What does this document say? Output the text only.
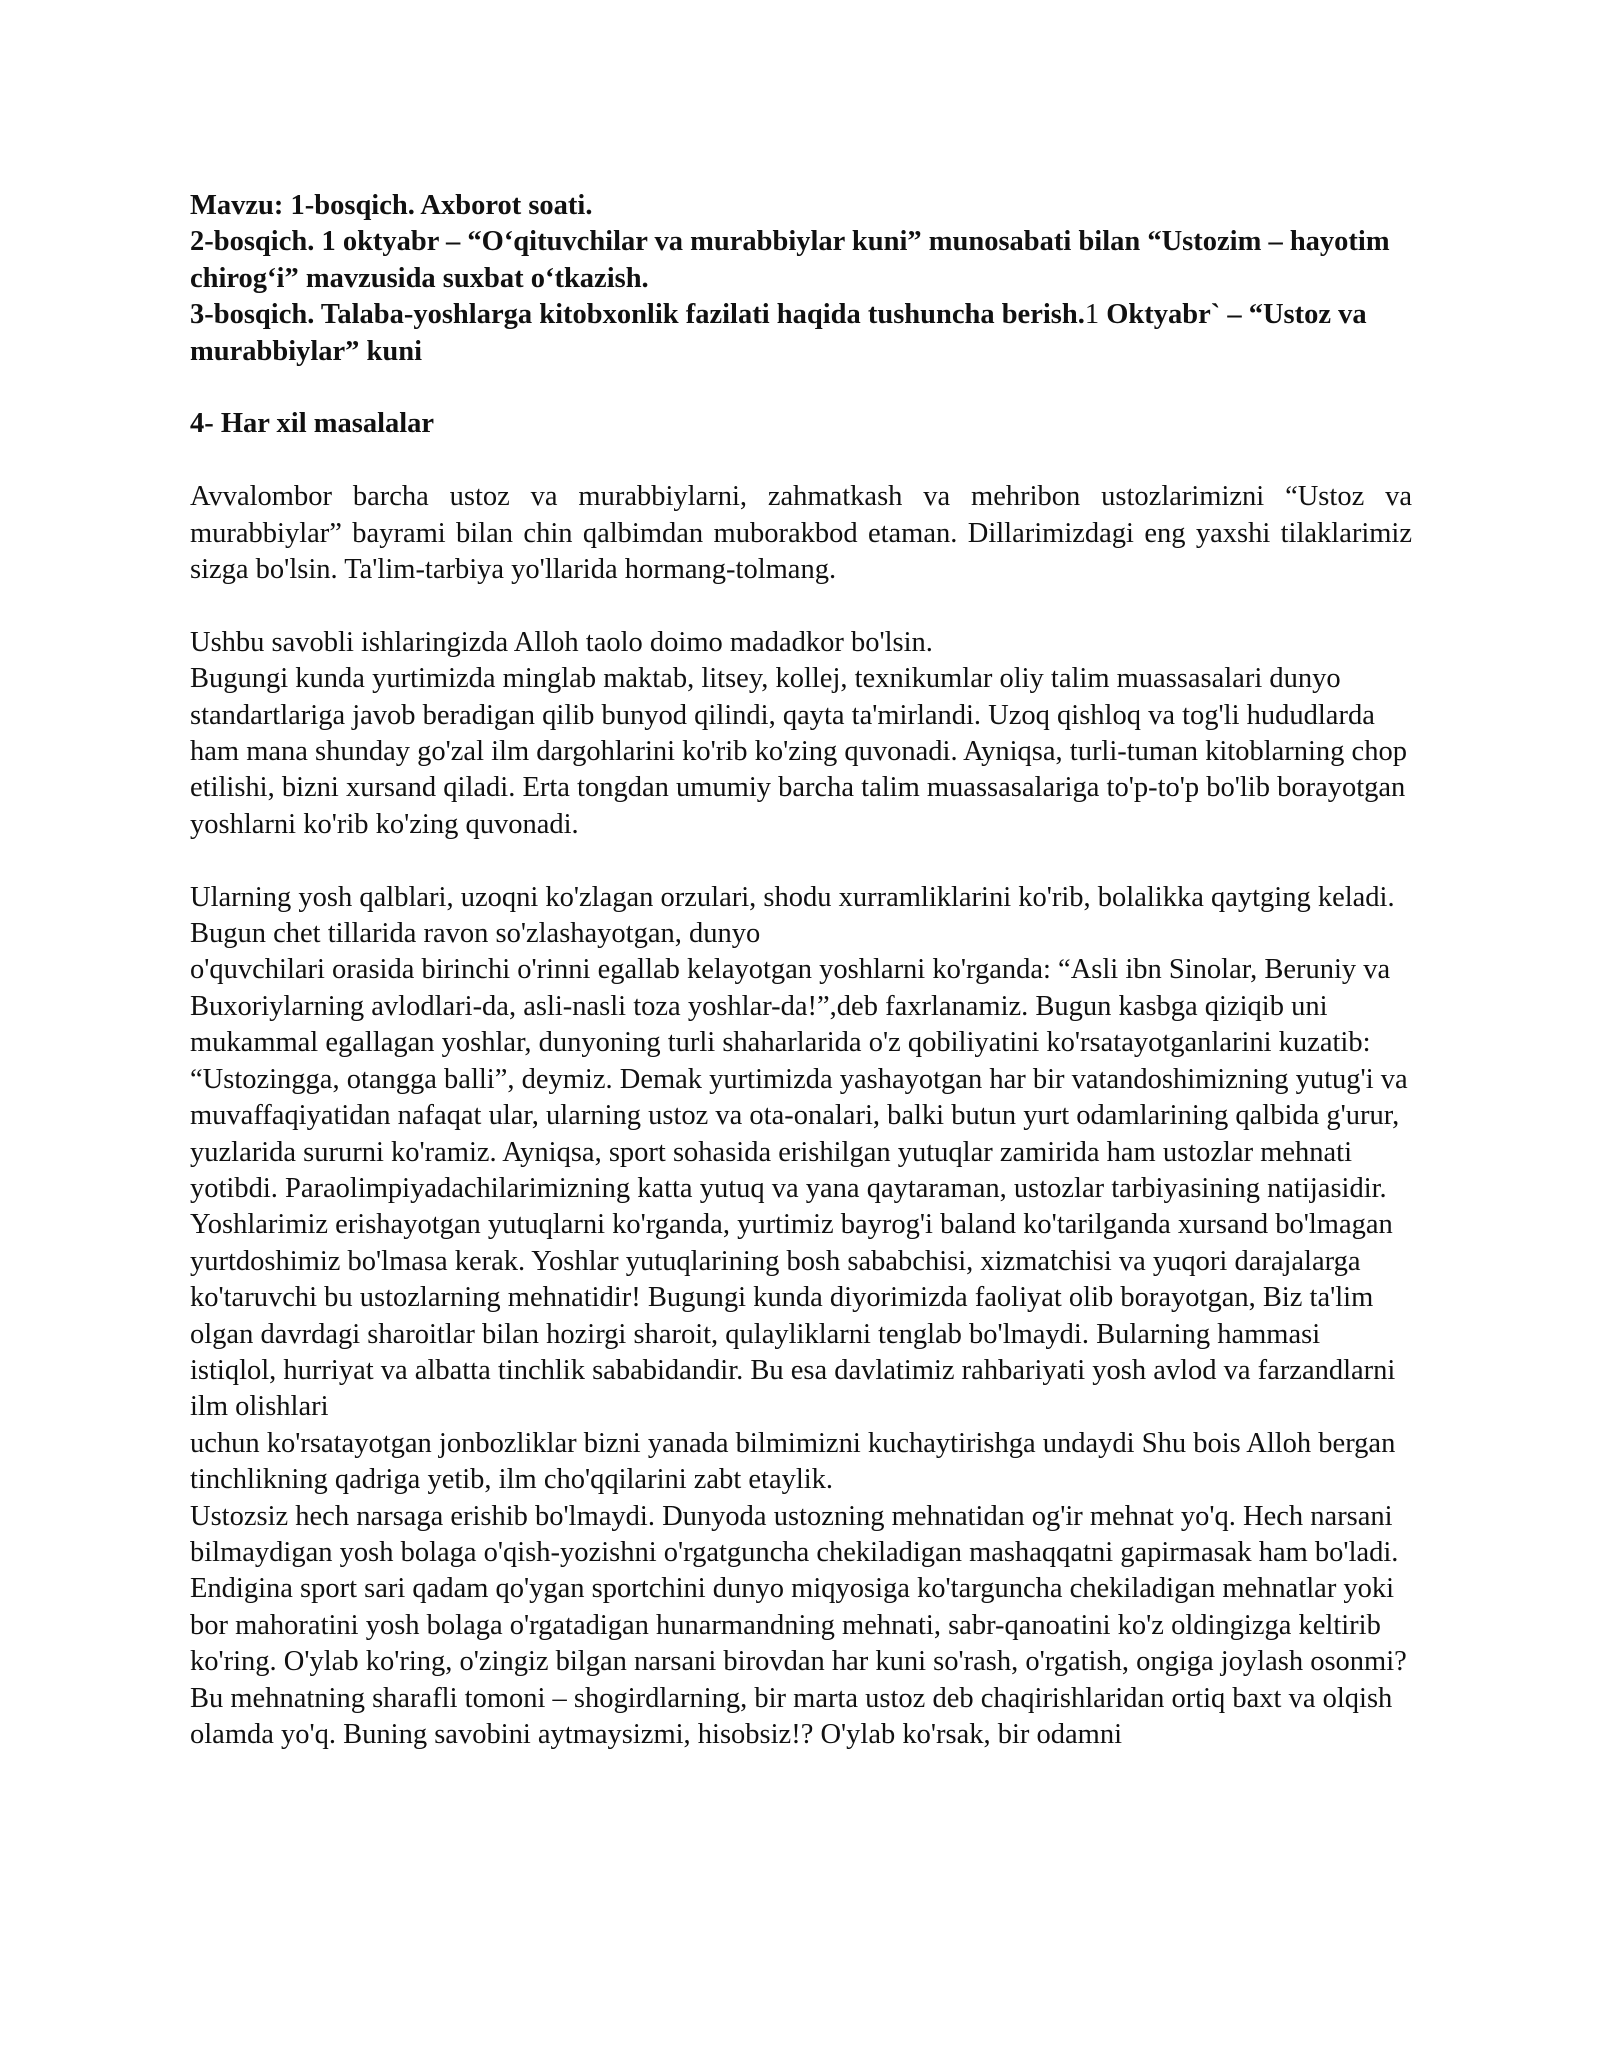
Mavzu: 1-bosqich. Axborot soati.

2-bosqich. 1 oktyabr – “O‘qituvchilar va murabbiylar kuni” munosabati bilan “Ustozim – hayotim chirog‘i” mavzusida suxbat o‘tkazish.

3-bosqich. Talaba-yoshlarga kitobxonlik fazilati haqida tushuncha berish.1 Oktyabr` – “Ustoz va murabbiylar” kuni

4- Har xil masalalar

Avvalombor barcha ustoz va murabbiylarni, zahmatkash va mehribon ustozlarimizni “Ustoz va murabbiylar” bayrami bilan chin qalbimdan muborakbod etaman. Dillarimizdagi eng yaxshi tilaklarimiz sizga bo'lsin. Ta'lim-tarbiya yo'llarida hormang-tolmang.

Ushbu savobli ishlaringizda Alloh taolo doimo madadkor bo'lsin.

Bugungi kunda yurtimizda minglab maktab, litsey, kollej, texnikumlar oliy talim muassasalari dunyo standartlariga javob beradigan qilib bunyod qilindi, qayta ta'mirlandi. Uzoq qishloq va tog'li hududlarda ham mana shunday go'zal ilm dargohlarini ko'rib ko'zing quvonadi. Ayniqsa, turli-tuman kitoblarning chop etilishi, bizni xursand qiladi. Erta tongdan umumiy barcha talim muassasalariga to'p-to'p bo'lib borayotgan yoshlarni ko'rib ko'zing quvonadi.

Ularning yosh qalblari, uzoqni ko'zlagan orzulari, shodu xurramliklarini ko'rib, bolalikka qaytging keladi. Bugun chet tillarida ravon so'zlashayotgan, dunyo

o'quvchilari orasida birinchi o'rinni egallab kelayotgan yoshlarni ko'rganda: “Asli ibn Sinolar, Beruniy va Buxoriylarning avlodlari-da, asli-nasli toza yoshlar-da!”,deb faxrlanamiz. Bugun kasbga qiziqib uni mukammal egallagan yoshlar, dunyoning turli shaharlarida o'z qobiliyatini ko'rsatayotganlarini kuzatib:

“Ustozingga, otangga balli”, deymiz. Demak yurtimizda yashayotgan har bir vatandoshimizning yutug'i va muvaffaqiyatidan nafaqat ular, ularning ustoz va ota-onalari, balki butun yurt odamlarining qalbida g'urur, yuzlarida sururni ko'ramiz. Ayniqsa, sport sohasida erishilgan yutuqlar zamirida ham ustozlar mehnati yotibdi. Paraolimpiyadachilarimizning katta yutuq va yana qaytaraman, ustozlar tarbiyasining natijasidir.

Yoshlarimiz erishayotgan yutuqlarni ko'rganda, yurtimiz bayrog'i baland ko'tarilganda xursand bo'lmagan yurtdoshimiz bo'lmasa kerak. Yoshlar yutuqlarining bosh sababchisi, xizmatchisi va yuqori darajalarga ko'taruvchi bu ustozlarning mehnatidir! Bugungi kunda diyorimizda faoliyat olib borayotgan, Biz ta'lim olgan davrdagi sharoitlar bilan hozirgi sharoit, qulayliklarni tenglab bo'lmaydi. Bularning hammasi istiqlol, hurriyat va albatta tinchlik sababidandir. Bu esa davlatimiz rahbariyati yosh avlod va farzandlarni ilm olishlari

uchun ko'rsatayotgan jonbozliklar bizni yanada bilmimizni kuchaytirishga undaydi Shu bois Alloh bergan tinchlikning qadriga yetib, ilm cho'qqilarini zabt etaylik.

Ustozsiz hech narsaga erishib bo'lmaydi. Dunyoda ustozning mehnatidan og'ir mehnat yo'q. Hech narsani bilmaydigan yosh bolaga o'qish-yozishni o'rgatguncha chekiladigan mashaqqatni gapirmasak ham bo'ladi. Endigina sport sari qadam qo'ygan sportchini dunyo miqyosiga ko'targuncha chekiladigan mehnatlar yoki bor mahoratini yosh bolaga o'rgatadigan hunarmandning mehnati, sabr-qanoatini ko'z oldingizga keltirib ko'ring. O'ylab ko'ring, o'zingiz bilgan narsani birovdan har kuni so'rash, o'rgatish, ongiga joylash osonmi? Bu mehnatning sharafli tomoni – shogirdlarning, bir marta ustoz deb chaqirishlaridan ortiq baxt va olqish olamda yo'q. Buning savobini aytmaysizmi, hisobsiz!? O'ylab ko'rsak, bir odamni
